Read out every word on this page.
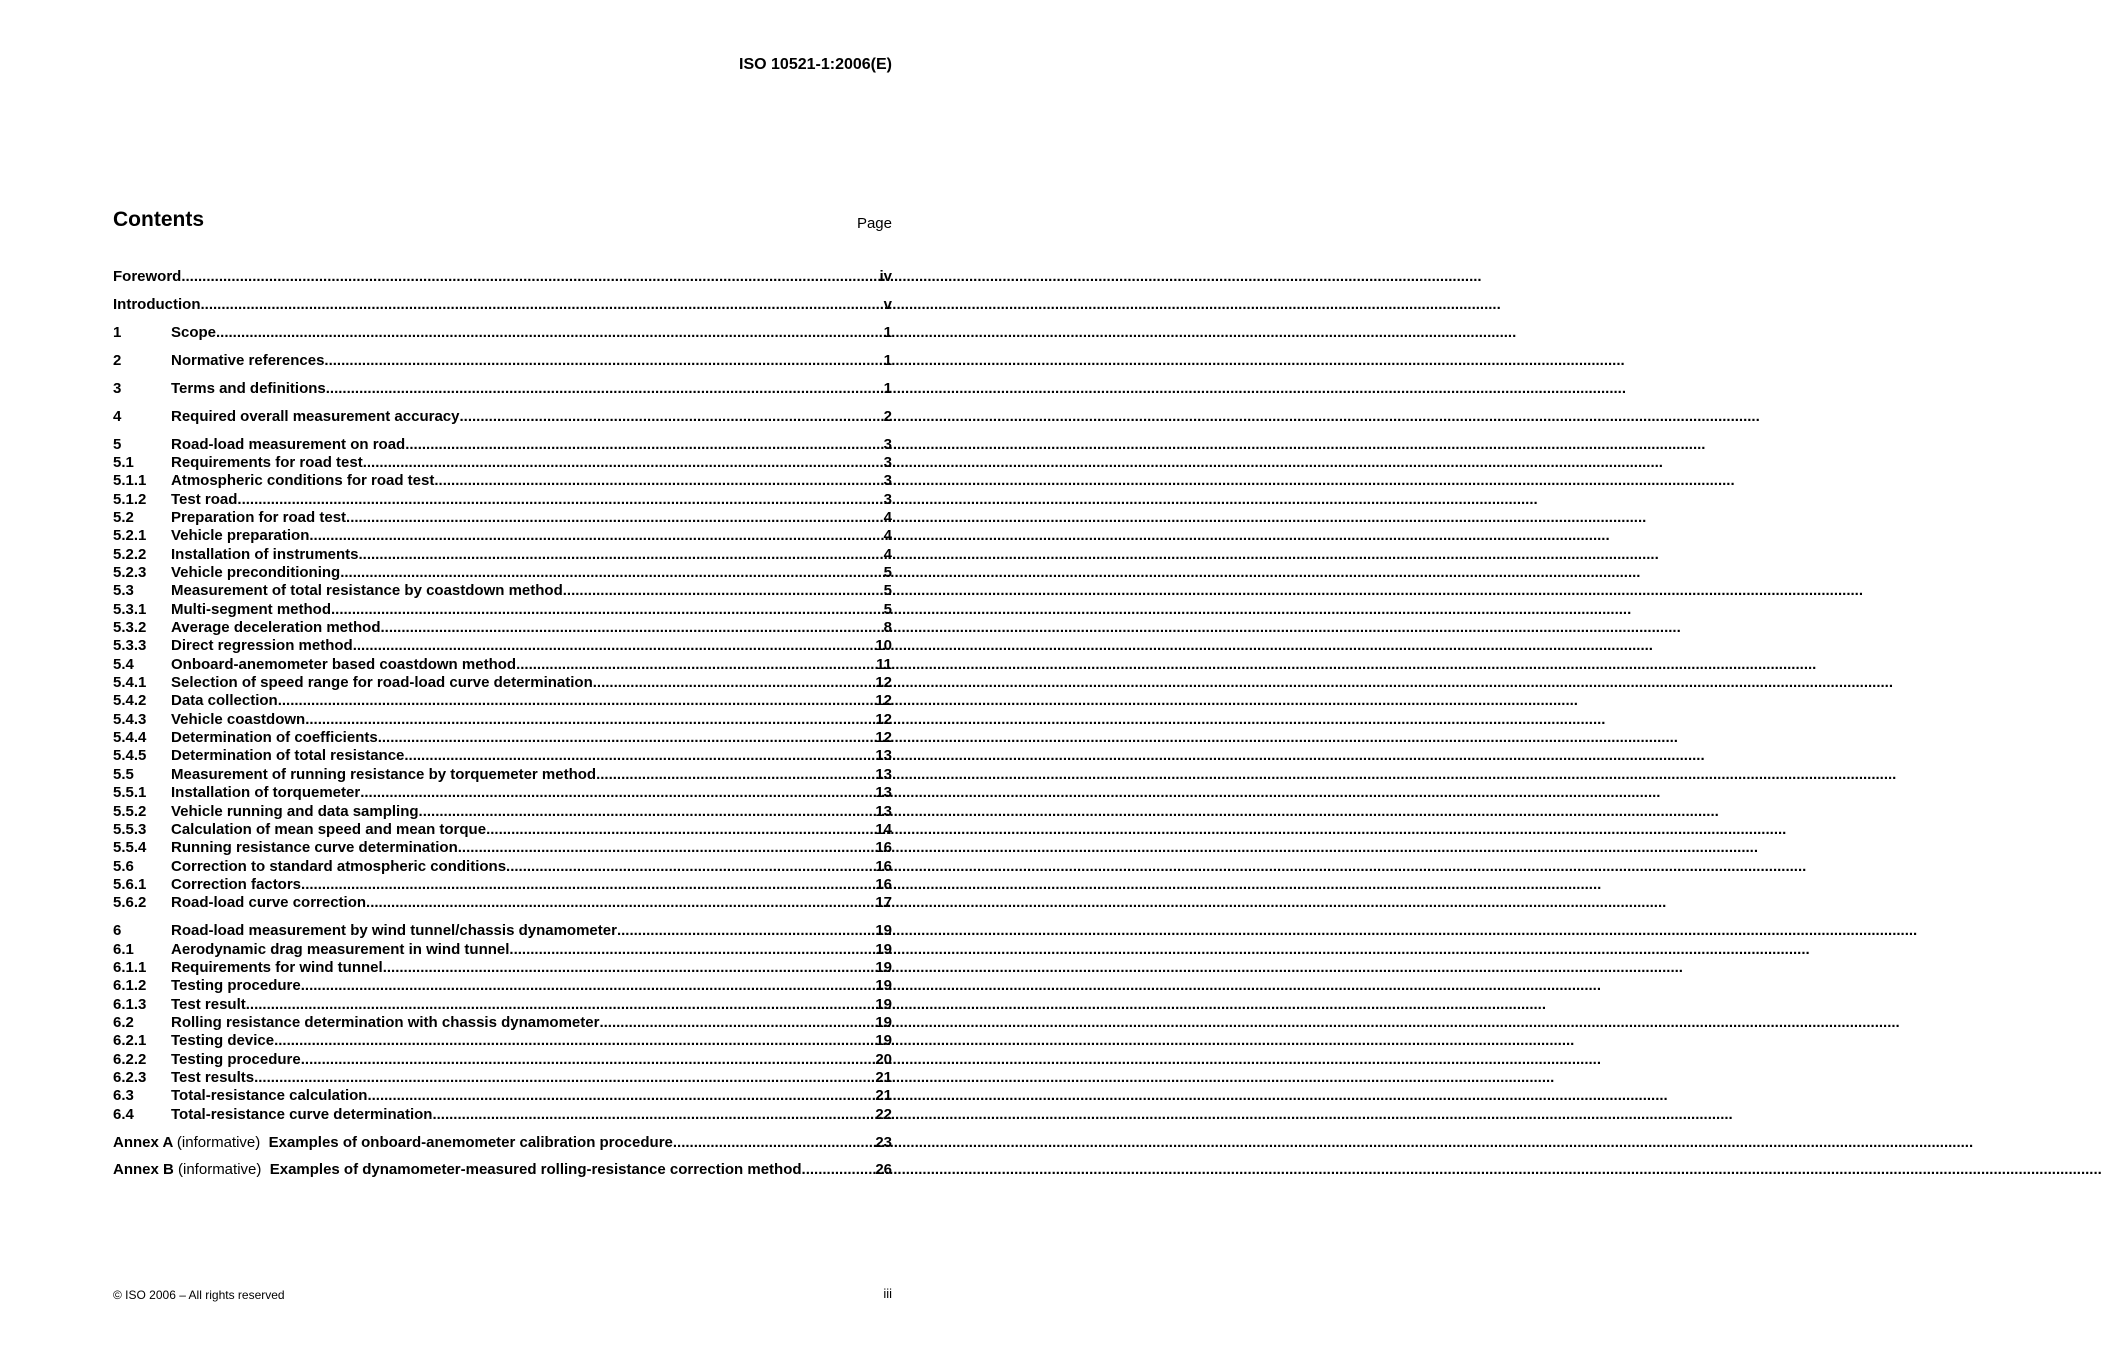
ISO 10521-1:2006(E)
Contents	Page
Foreword .....	iv
Introduction .....	v
1	Scope .....	1
2	Normative references .....	1
3	Terms and definitions .....	1
4	Required overall measurement accuracy .....	2
5	Road-load measurement on road .....	3
5.1	Requirements for road test .....	3
5.1.1	Atmospheric conditions for road test .....	3
5.1.2	Test road .....	3
5.2	Preparation for road test .....	4
5.2.1	Vehicle preparation .....	4
5.2.2	Installation of instruments .....	4
5.2.3	Vehicle preconditioning .....	5
5.3	Measurement of total resistance by coastdown method .....	5
5.3.1	Multi-segment method .....	5
5.3.2	Average deceleration method .....	8
5.3.3	Direct regression method .....	10
5.4	Onboard-anemometer based coastdown method .....	11
5.4.1	Selection of speed range for road-load curve determination .....	12
5.4.2	Data collection .....	12
5.4.3	Vehicle coastdown .....	12
5.4.4	Determination of coefficients .....	12
5.4.5	Determination of total resistance .....	13
5.5	Measurement of running resistance by torquemeter method .....	13
5.5.1	Installation of torquemeter .....	13
5.5.2	Vehicle running and data sampling .....	13
5.5.3	Calculation of mean speed and mean torque .....	14
5.5.4	Running resistance curve determination .....	16
5.6	Correction to standard atmospheric conditions .....	16
5.6.1	Correction factors .....	16
5.6.2	Road-load curve correction .....	17
6	Road-load measurement by wind tunnel/chassis dynamometer .....	19
6.1	Aerodynamic drag measurement in wind tunnel .....	19
6.1.1	Requirements for wind tunnel .....	19
6.1.2	Testing procedure .....	19
6.1.3	Test result .....	19
6.2	Rolling resistance determination with chassis dynamometer .....	19
6.2.1	Testing device .....	19
6.2.2	Testing procedure .....	20
6.2.3	Test results .....	21
6.3	Total-resistance calculation .....	21
6.4	Total-resistance curve determination .....	22
Annex A (informative) Examples of onboard-anemometer calibration procedure .....	23
Annex B (informative) Examples of dynamometer-measured rolling-resistance correction method .....	26
© ISO 2006 – All rights reserved	iii
